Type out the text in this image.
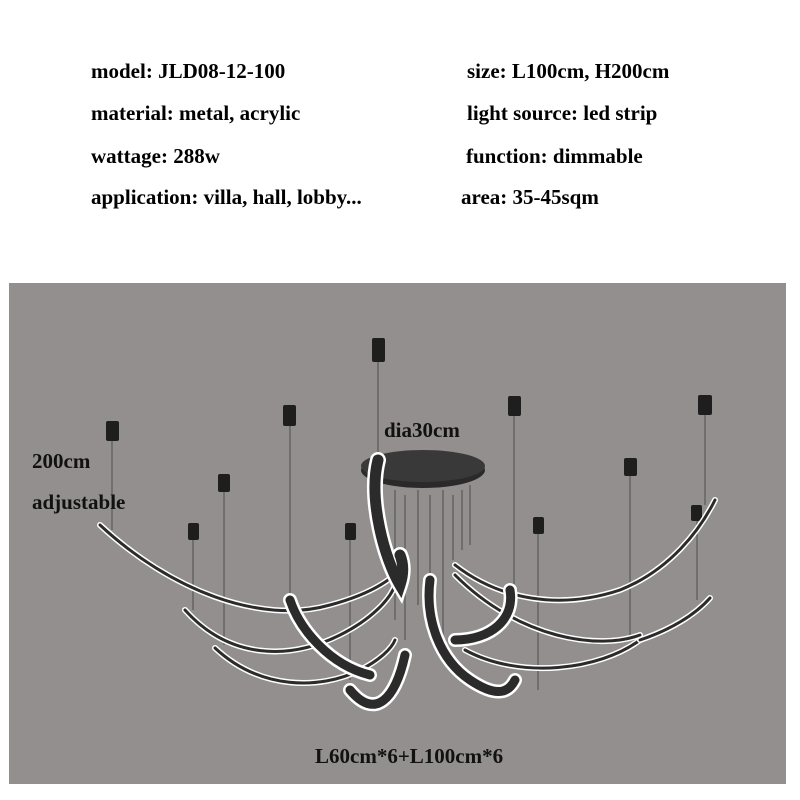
model: JLD08-12-100
material: metal, acrylic
wattage: 288w
application: villa, hall, lobby...
size: L100cm, H200cm
light source: led strip
function: dimmable
area: 35-45sqm
200cm
adjustable
dia30cm
L60cm*6+L100cm*6
